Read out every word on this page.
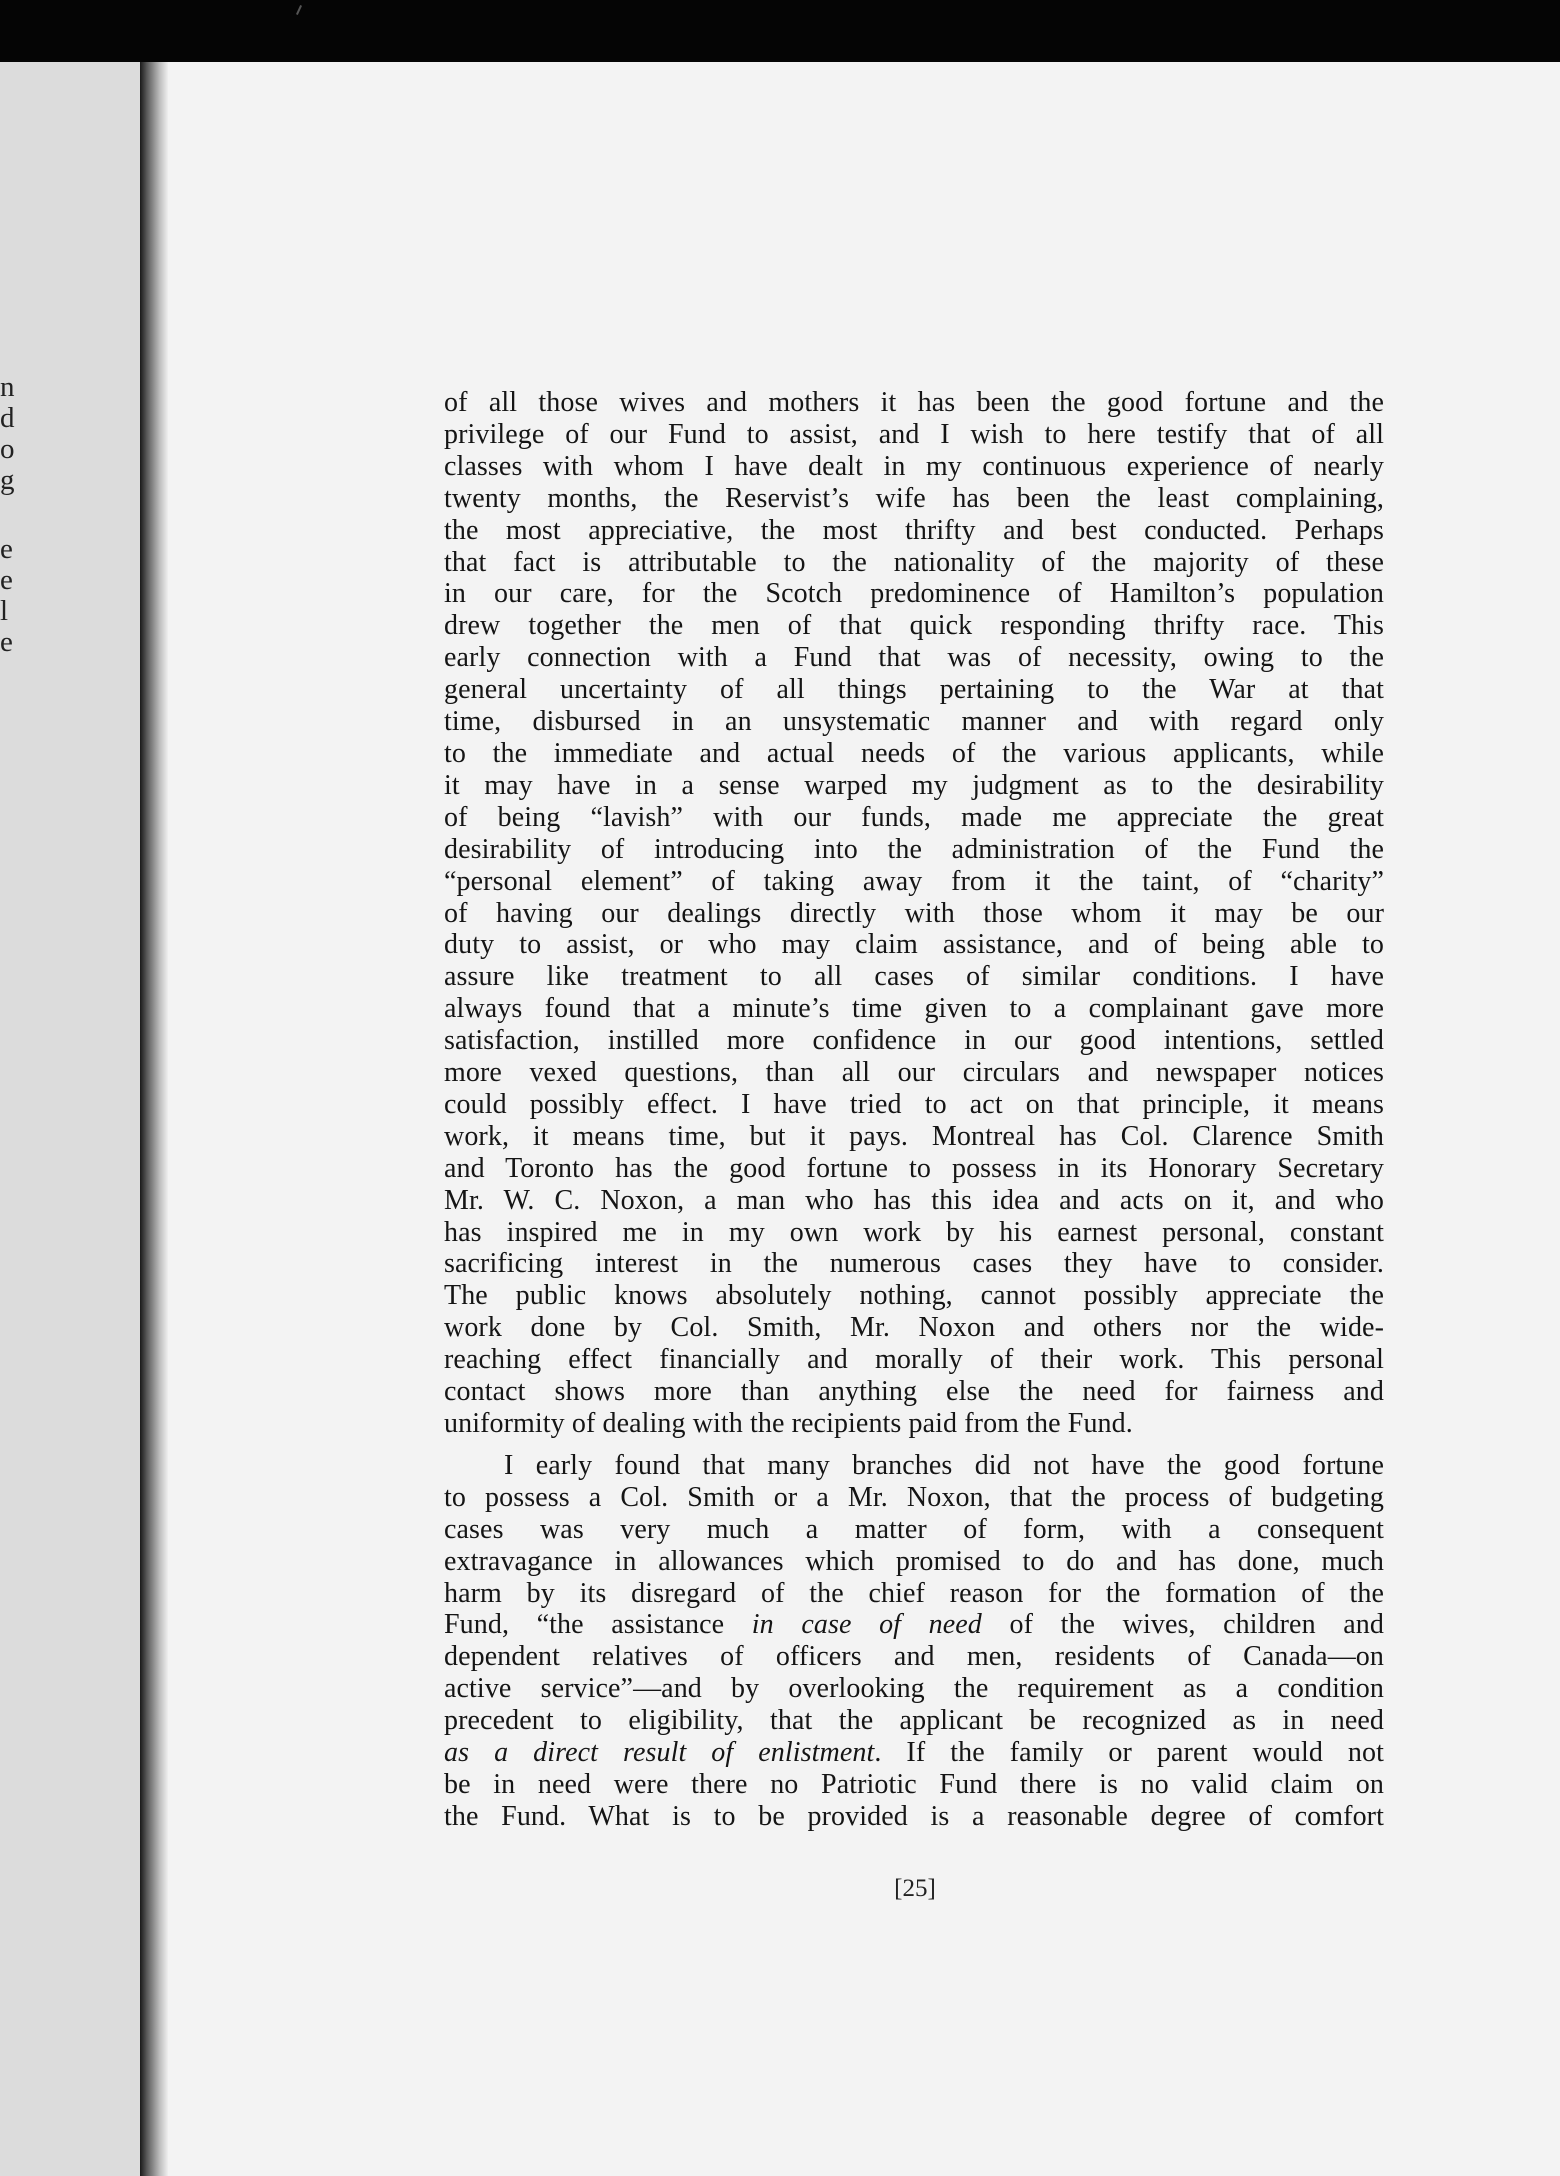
n
d
o
g
e
e
l
e
of all those wives and mothers it has been the good fortune and the
privilege of our Fund to assist, and I wish to here testify that of all
classes with whom I have dealt in my continuous experience of nearly
twenty months, the Reservist’s wife has been the least complaining,
the most appreciative, the most thrifty and best conducted. Perhaps
that fact is attributable to the nationality of the majority of these
in our care, for the Scotch predominence of Hamilton’s population
drew together the men of that quick responding thrifty race. This
early connection with a Fund that was of necessity, owing to the
general uncertainty of all things pertaining to the War at that
time, disbursed in an unsystematic manner and with regard only
to the immediate and actual needs of the various applicants, while
it may have in a sense warped my judgment as to the desirability
of being “lavish” with our funds, made me appreciate the great
desirability of introducing into the administration of the Fund the
“personal element” of taking away from it the taint, of “charity”
of having our dealings directly with those whom it may be our
duty to assist, or who may claim assistance, and of being able to
assure like treatment to all cases of similar conditions. I have
always found that a minute’s time given to a complainant gave more
satisfaction, instilled more confidence in our good intentions, settled
more vexed questions, than all our circulars and newspaper notices
could possibly effect. I have tried to act on that principle, it means
work, it means time, but it pays. Montreal has Col. Clarence Smith
and Toronto has the good fortune to possess in its Honorary Secretary
Mr. W. C. Noxon, a man who has this idea and acts on it, and who
has inspired me in my own work by his earnest personal, constant
sacrificing interest in the numerous cases they have to consider.
The public knows absolutely nothing, cannot possibly appreciate the
work done by Col. Smith, Mr. Noxon and others nor the wide-
reaching effect financially and morally of their work. This personal
contact shows more than anything else the need for fairness and
uniformity of dealing with the recipients paid from the Fund.
I early found that many branches did not have the good fortune
to possess a Col. Smith or a Mr. Noxon, that the process of budgeting
cases was very much a matter of form, with a consequent
extravagance in allowances which promised to do and has done, much
harm by its disregard of the chief reason for the formation of the
Fund, “the assistance in case of need of the wives, children and
dependent relatives of officers and men, residents of Canada—on
active service”—and by overlooking the requirement as a condition
precedent to eligibility, that the applicant be recognized as in need
as a direct result of enlistment. If the family or parent would not
be in need were there no Patriotic Fund there is no valid claim on
the Fund. What is to be provided is a reasonable degree of comfort
[25]
